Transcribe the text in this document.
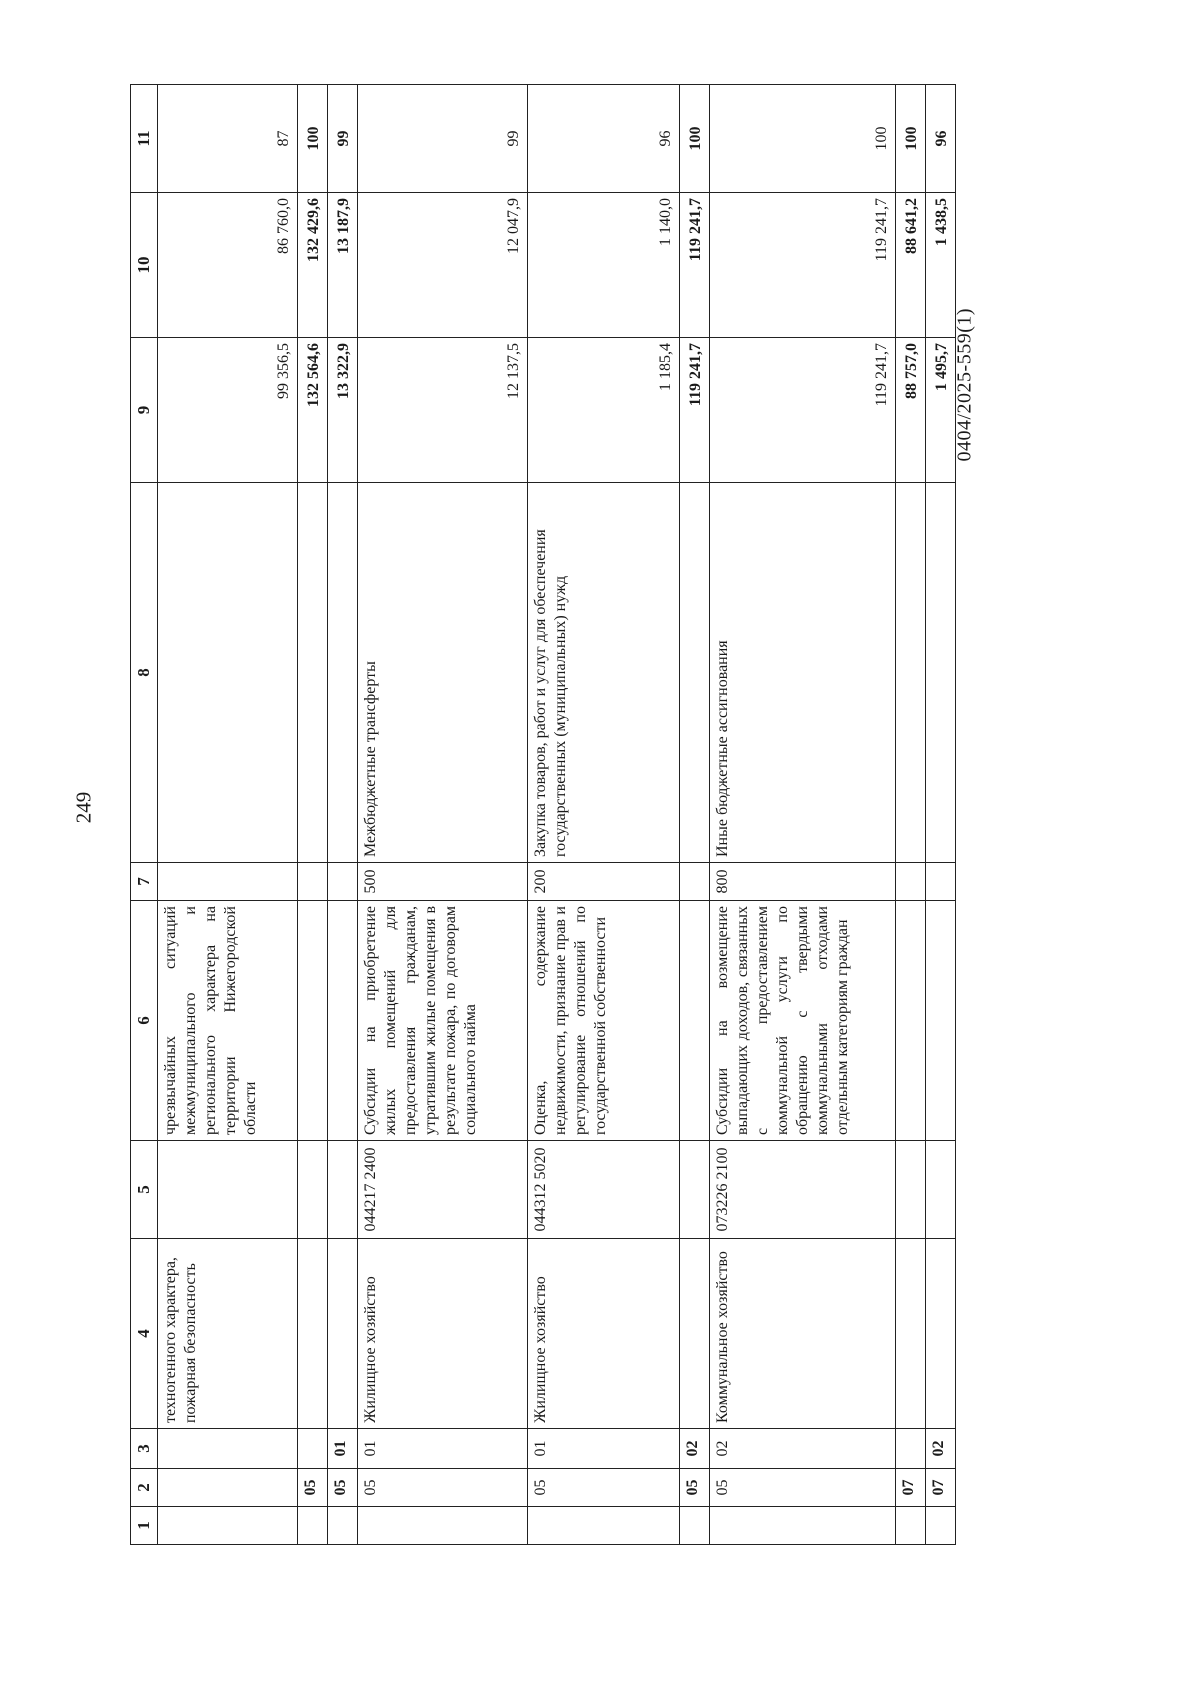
249
0404/2025-559(1)
1	2	3	4	5	6	7	8	9	10	11
			техногенного характера, пожарная безопасность		чрезвычайных ситуаций межмуниципального и регионального характера на территории Нижегородской области			99 356,5	86 760,0	87
	05							132 564,6	132 429,6	100
	05	01						13 322,9	13 187,9	99
	05	01	Жилищное хозяйство	044217 2400	Субсидии на приобретение жилых помещений для предоставления гражданам, утратившим жилые помещения в результате пожара, по договорам социального найма	500	Межбюджетные трансферты	12 137,5	12 047,9	99
	05	01	Жилищное хозяйство	044312 5020	Оценка, содержание недвижимости, признание прав и регулирование отношений по государственной собственности	200	Закупка товаров, работ и услуг для обеспечения государственных (муниципальных) нужд	1 185,4	1 140,0	96
	05	02						119 241,7	119 241,7	100
	05	02	Коммунальное хозяйство	073226 2100	Субсидии на возмещение выпадающих доходов, связанных с предоставлением коммунальной услуги по обращению с твердыми коммунальными отходами отдельным категориям граждан	800	Иные бюджетные ассигнования	119 241,7	119 241,7	100
	07							88 757,0	88 641,2	100
	07	02						1 495,7	1 438,5	96
